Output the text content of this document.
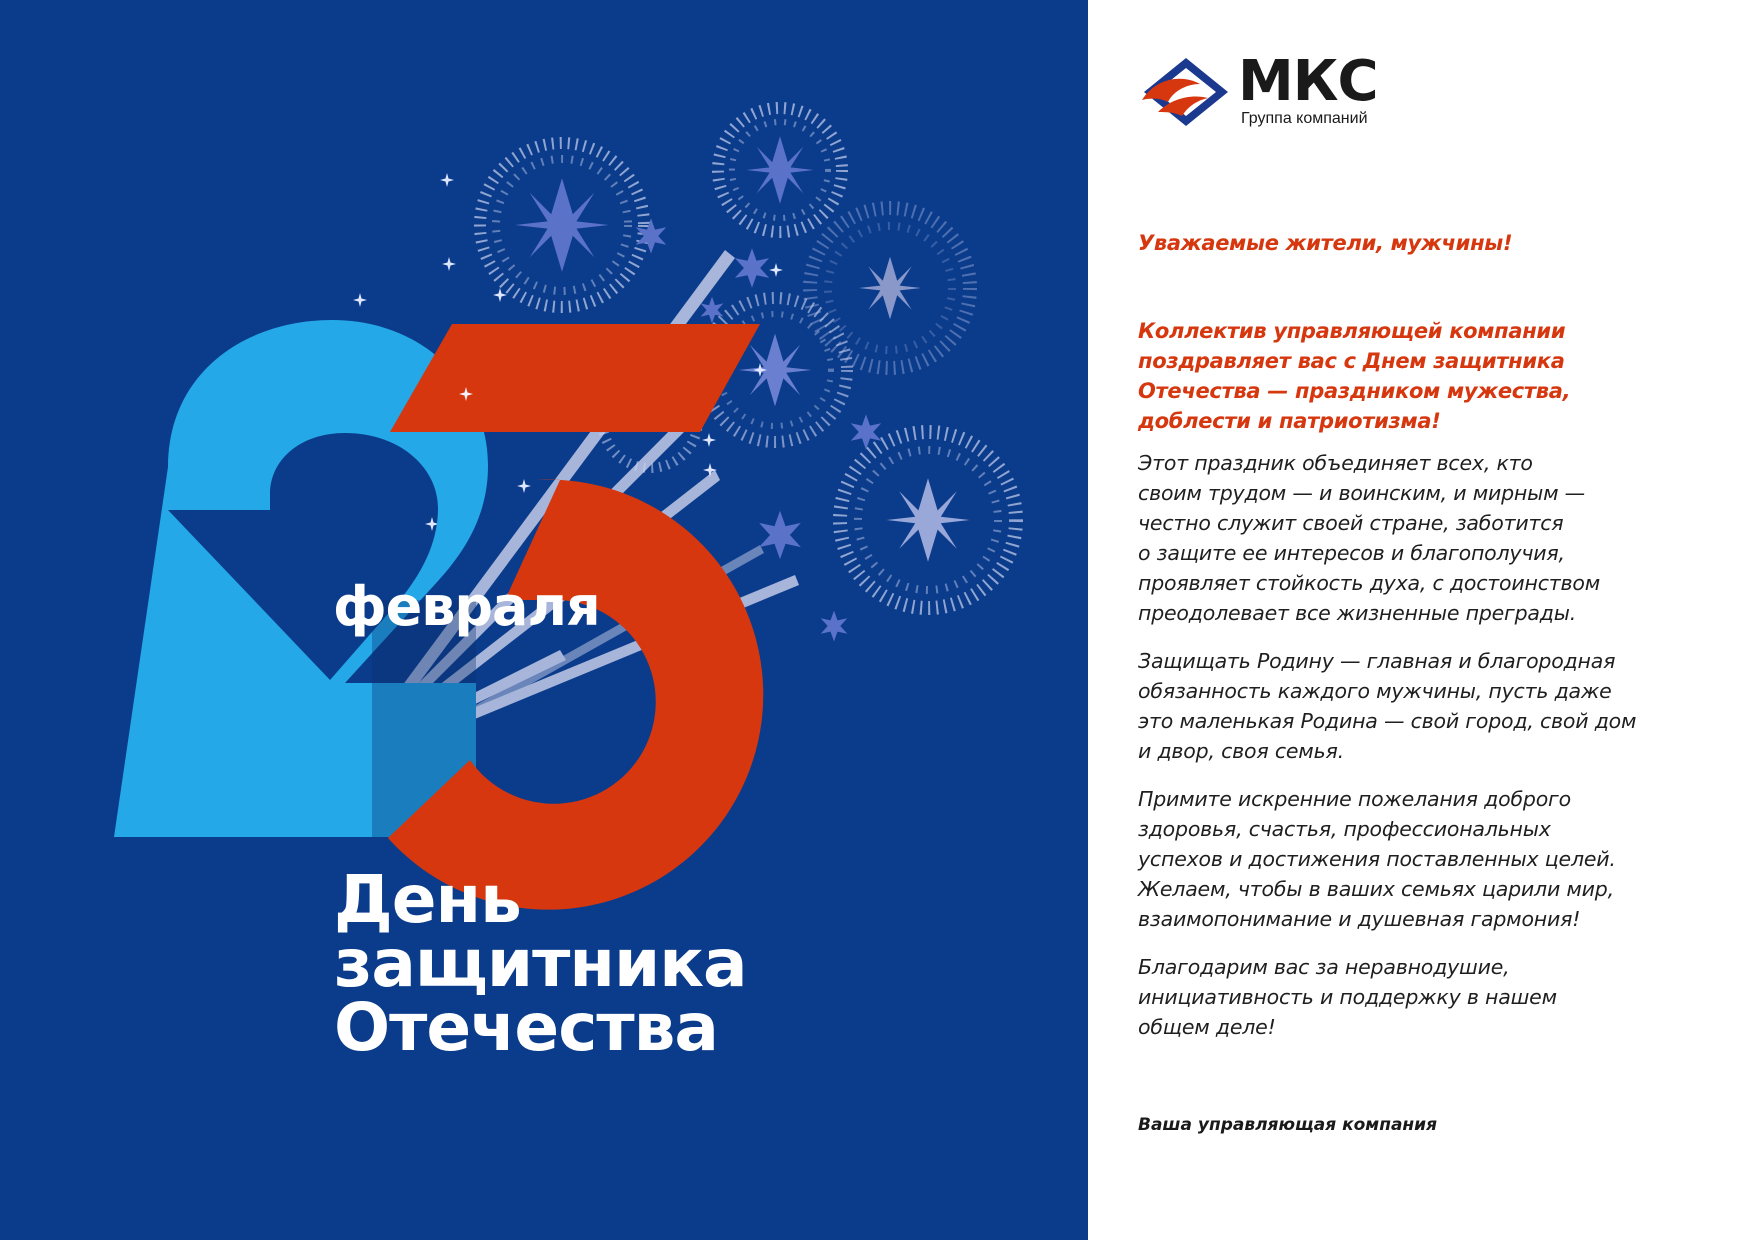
февраля

День
защитника
Отечества

МКС

Группа компаний

Уважаемые жители, мужчины!

Коллектив управляющей компании
поздравляет вас с Днем защитника
Отечества — праздником мужества,
доблести и патриотизма!

Этот праздник объединяет всех, кто
своим трудом — и воинским, и мирным —
честно служит своей стране, заботится
о защите ее интересов и благополучия,
проявляет стойкость духа, с достоинством
преодолевает все жизненные преграды.

Защищать Родину — главная и благородная
обязанность каждого мужчины, пусть даже
это маленькая Родина — свой город, свой дом
и двор, своя семья.

Примите искренние пожелания доброго
здоровья, счастья, профессиональных
успехов и достижения поставленных целей.
Желаем, чтобы в ваших семьях царили мир,
взаимопонимание и душевная гармония!

Благодарим вас за неравнодушие,
инициативность и поддержку в нашем
общем деле!

Ваша управляющая компания
